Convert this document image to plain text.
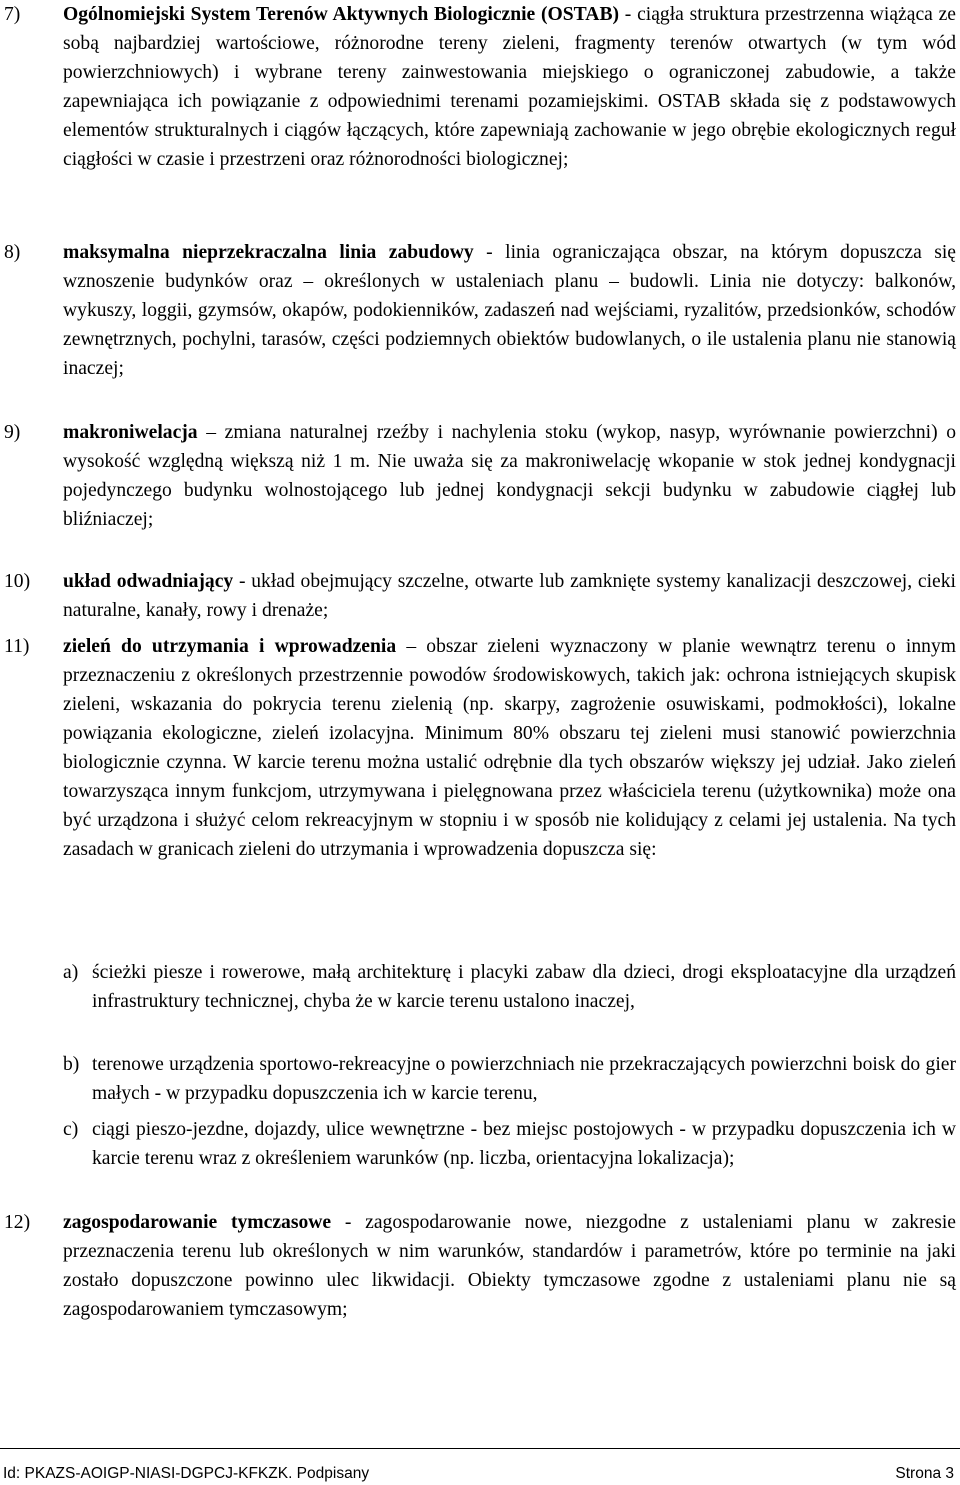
7) Ogólnomiejski System Terenów Aktywnych Biologicznie (OSTAB) - ciągła struktura przestrzenna wiążąca ze sobą najbardziej wartościowe, różnorodne tereny zieleni, fragmenty terenów otwartych (w tym wód powierzchniowych) i wybrane tereny zainwestowania miejskiego o ograniczonej zabudowie, a także zapewniająca ich powiązanie z odpowiednimi terenami pozamiejskimi. OSTAB składa się z podstawowych elementów strukturalnych i ciągów łączących, które zapewniają zachowanie w jego obrębie ekologicznych reguł ciągłości w czasie i przestrzeni oraz różnorodności biologicznej;
8) maksymalna nieprzekraczalna linia zabudowy - linia ograniczająca obszar, na którym dopuszcza się wznoszenie budynków oraz – określonych w ustaleniach planu – budowli. Linia nie dotyczy: balkonów, wykuszy, loggii, gzymsów, okapów, podokienników, zadaszeń nad wejściami, ryzalitów, przedsionków, schodów zewnętrznych, pochylni, tarasów, części podziemnych obiektów budowlanych, o ile ustalenia planu nie stanowią inaczej;
9) makroniwelacja – zmiana naturalnej rzeźby i nachylenia stoku (wykop, nasyp, wyrównanie powierzchni) o wysokość względną większą niż 1 m. Nie uważa się za makroniwelację wkopanie w stok jednej kondygnacji pojedynczego budynku wolnostojącego lub jednej kondygnacji sekcji budynku w zabudowie ciągłej lub bliźniaczej;
10) układ odwadniający - układ obejmujący szczelne, otwarte lub zamknięte systemy kanalizacji deszczowej, cieki naturalne, kanały, rowy i drenaże;
11) zieleń do utrzymania i wprowadzenia – obszar zieleni wyznaczony w planie wewnątrz terenu o innym przeznaczeniu z określonych przestrzennie powodów środowiskowych, takich jak: ochrona istniejących skupisk zieleni, wskazania do pokrycia terenu zielenią (np. skarpy, zagrożenie osuwiskami, podmokłości), lokalne powiązania ekologiczne, zieleń izolacyjna. Minimum 80% obszaru tej zieleni musi stanowić powierzchnia biologicznie czynna. W karcie terenu można ustalić odrębnie dla tych obszarów większy jej udział. Jako zieleń towarzysząca innym funkcjom, utrzymywana i pielęgnowana przez właściciela terenu (użytkownika) może ona być urządzona i służyć celom rekreacyjnym w stopniu i w sposób nie kolidujący z celami jej ustalenia. Na tych zasadach w granicach zieleni do utrzymania i wprowadzenia dopuszcza się:
a) ścieżki piesze i rowerowe, małą architekturę i placyki zabaw dla dzieci, drogi eksploatacyjne dla urządzeń infrastruktury technicznej, chyba że w karcie terenu ustalono inaczej,
b) terenowe urządzenia sportowo-rekreacyjne o powierzchniach nie przekraczających powierzchni boisk do gier małych - w przypadku dopuszczenia ich w karcie terenu,
c) ciągi pieszo-jezdne, dojazdy, ulice wewnętrzne - bez miejsc postojowych - w przypadku dopuszczenia ich w karcie terenu wraz z określeniem warunków (np. liczba, orientacyjna lokalizacja);
12) zagospodarowanie tymczasowe - zagospodarowanie nowe, niezgodne z ustaleniami planu w zakresie przeznaczenia terenu lub określonych w nim warunków, standardów i parametrów, które po terminie na jaki zostało dopuszczone powinno ulec likwidacji. Obiekty tymczasowe zgodne z ustaleniami planu nie są zagospodarowaniem tymczasowym;
Id: PKAZS-AOIGP-NIASI-DGPCJ-KFKZK. Podpisany	Strona 3
